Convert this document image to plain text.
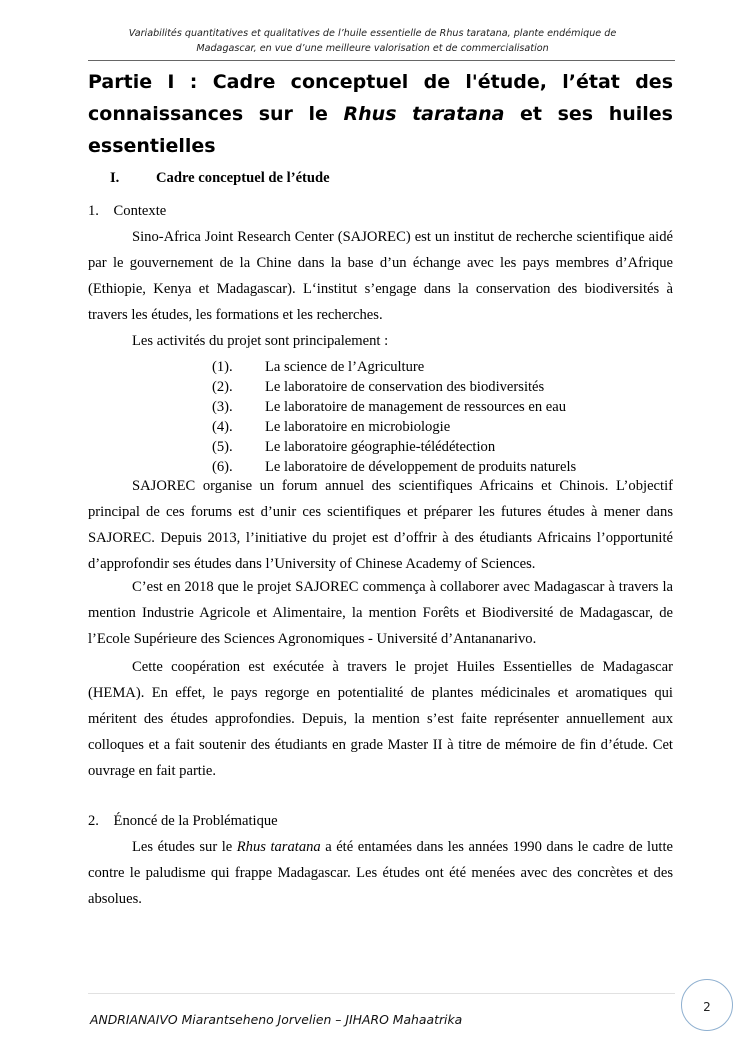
Variabilités quantitatives et qualitatives de l’huile essentielle de Rhus taratana, plante endémique de
Madagascar, en vue d’une meilleure valorisation et de commercialisation
Partie I : Cadre conceptuel de l'étude, l’état des connaissances sur le Rhus taratana et ses huiles essentielles
I.	Cadre conceptuel de l’étude
1. Contexte

Sino-Africa Joint Research Center (SAJOREC) est un institut de recherche scientifique aidé par le gouvernement de la Chine dans la base d’un échange avec les pays membres d’Afrique (Ethiopie, Kenya et Madagascar). L‘institut s’engage dans la conservation des biodiversités à travers les études, les formations et les recherches.

Les activités du projet sont principalement :

(1). La science de l’Agriculture
(2). Le laboratoire de conservation des biodiversités
(3). Le laboratoire de management de ressources en eau
(4). Le laboratoire en microbiologie
(5). Le laboratoire géographie-télédétection
(6). Le laboratoire de développement de produits naturels

SAJOREC organise un forum annuel des scientifiques Africains et Chinois. L’objectif principal de ces forums est d’unir ces scientifiques et préparer les futures études à mener dans SAJOREC. Depuis 2013, l’initiative du projet est d’offrir à des étudiants Africains l’opportunité d’approfondir ses études dans l’University of Chinese Academy of Sciences.

C’est en 2018 que le projet SAJOREC commença à collaborer avec Madagascar à travers la mention Industrie Agricole et Alimentaire, la mention Forêts et Biodiversité de Madagascar, de l’Ecole Supérieure des Sciences Agronomiques - Université d’Antananarivo.

Cette coopération est exécutée à travers le projet Huiles Essentielles de Madagascar (HEMA). En effet, le pays regorge en potentialité de plantes médicinales et aromatiques qui méritent des études approfondies. Depuis, la mention s’est faite représenter annuellement aux colloques et a fait soutenir des étudiants en grade Master II à titre de mémoire de fin d’étude. Cet ouvrage en fait partie.

2. Énoncé de la Problématique

Les études sur le Rhus taratana a été entamées dans les années 1990 dans le cadre de lutte contre le paludisme qui frappe Madagascar. Les études ont été menées avec des concrètes et des absolues.

ANDRIANAIVO Miarantseheno Jorvelien – JIHARO Mahaatrika
2
